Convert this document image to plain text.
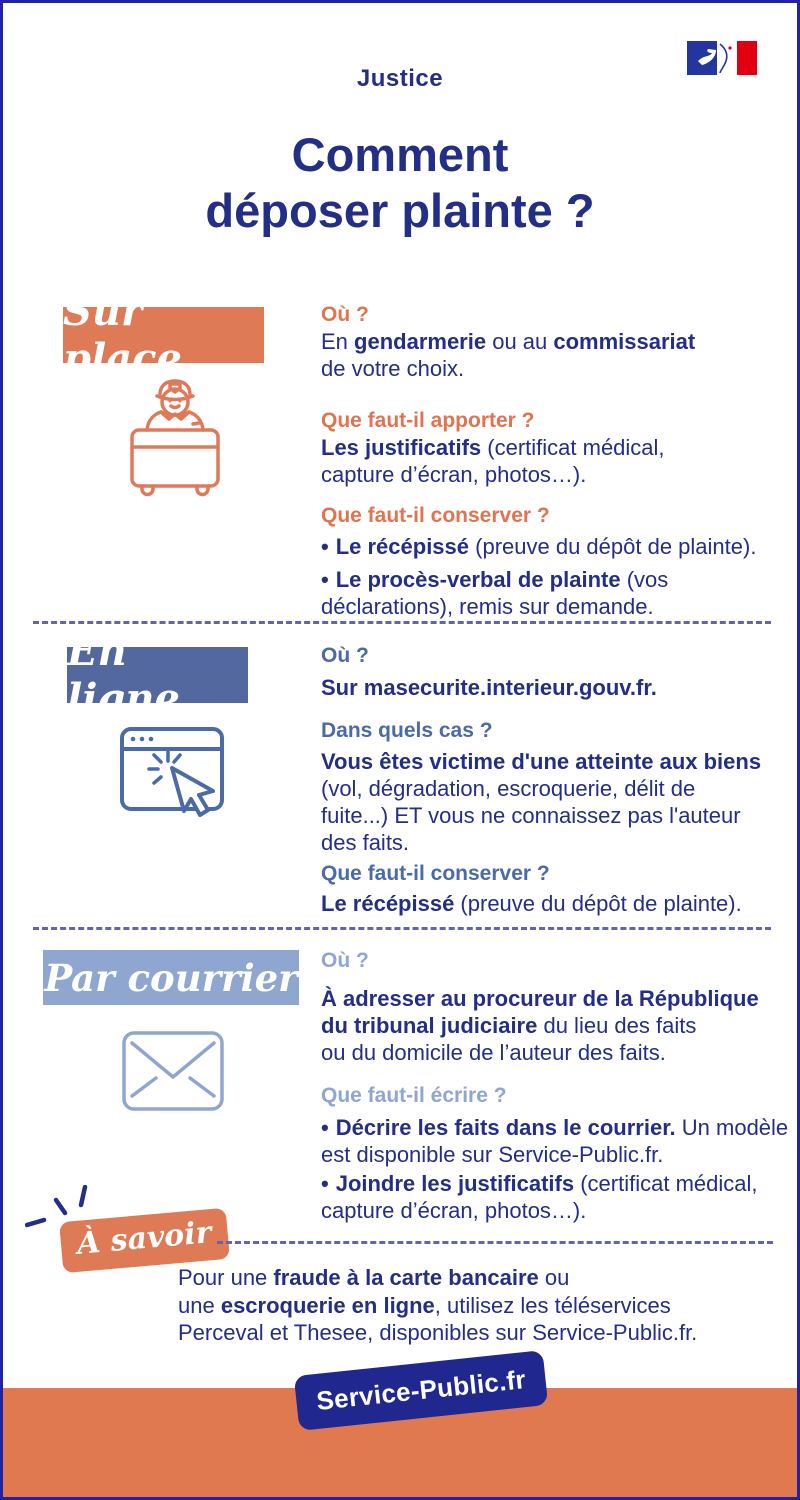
Justice
Comment
déposer plainte ?
Sur place
Où ?
En gendarmerie ou au commissariat
de votre choix.
Que faut-il apporter ?
Les justificatifs (certificat médical,
capture d’écran, photos…).
Que faut-il conserver ?
• Le récépissé (preuve du dépôt de plainte).
• Le procès-verbal de plainte (vos
déclarations), remis sur demande.
En ligne
Où ?
Sur masecurite.interieur.gouv.fr.
Dans quels cas ?
Vous êtes victime d'une atteinte aux biens
(vol, dégradation, escroquerie, délit de
fuite...) ET vous ne connaissez pas l'auteur
des faits.
Que faut-il conserver ?
Le récépissé (preuve du dépôt de plainte).
Par courrier Où ?
À adresser au procureur de la République
du tribunal judiciaire du lieu des faits
ou du domicile de l’auteur des faits.
Que faut-il écrire ?
• Décrire les faits dans le courrier. Un modèle
est disponible sur Service-Public.fr.
• Joindre les justificatifs (certificat médical,
capture d’écran, photos…).
À savoir
Pour une fraude à la carte bancaire ou
une escroquerie en ligne, utilisez les téléservices
Perceval et Thesee, disponibles sur Service-Public.fr.
Service-Public.fr
